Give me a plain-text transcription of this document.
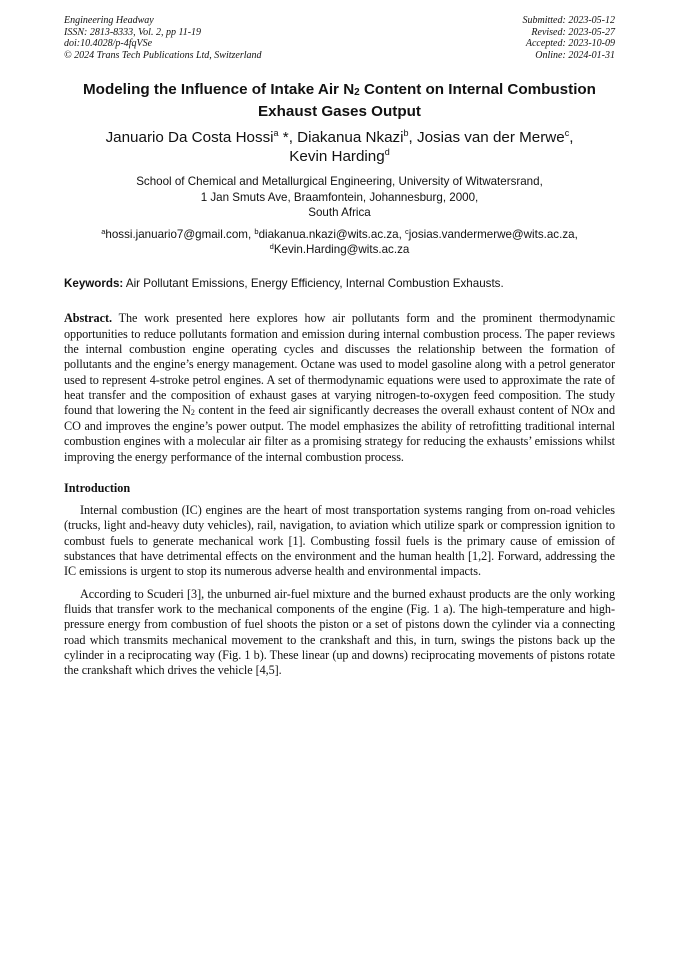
Engineering Headway
ISSN: 2813-8333, Vol. 2, pp 11-19
doi:10.4028/p-4fqVSe
© 2024 Trans Tech Publications Ltd, Switzerland
Submitted: 2023-05-12
Revised: 2023-05-27
Accepted: 2023-10-09
Online: 2024-01-31
Modeling the Influence of Intake Air $N_2$ Content on Internal Combustion Exhaust Gases Output
Januario Da Costa Hossi$^a$ *, Diakanua Nkazi$^b$, Josias van der Merwe$^c$,
Kevin Harding$^d$
School of Chemical and Metallurgical Engineering, University of Witwatersrand,
1 Jan Smuts Ave, Braamfontein, Johannesburg, 2000,
South Africa
$^a$hossi.januario7@gmail.com, $^b$diakanua.nkazi@wits.ac.za, $^c$josias.vandermerwe@wits.ac.za,
$^d$Kevin.Harding@wits.ac.za
Keywords: Air Pollutant Emissions, Energy Efficiency, Internal Combustion Exhausts.
Abstract. The work presented here explores how air pollutants form and the prominent thermodynamic opportunities to reduce pollutants formation and emission during internal combustion process. The paper reviews the internal combustion engine operating cycles and discusses the relationship between the formation of pollutants and the engine’s energy management. Octane was used to model gasoline along with a petrol generator used to represent 4-stroke petrol engines. A set of thermodynamic equations were used to approximate the rate of heat transfer and the composition of exhaust gases at varying nitrogen-to-oxygen feed composition. The study found that lowering the $N_2$ content in the feed air significantly decreases the overall exhaust content of NOx and CO and improves the engine’s power output. The model emphasizes the ability of retrofitting traditional internal combustion engines with a molecular air filter as a promising strategy for reducing the exhausts’ emissions whilst improving the energy performance of the internal combustion process.
Introduction
Internal combustion (IC) engines are the heart of most transportation systems ranging from on-road vehicles (trucks, light and-heavy duty vehicles), rail, navigation, to aviation which utilize spark or compression ignition to combust fuels to generate mechanical work [1]. Combusting fossil fuels is the primary cause of emission of substances that have detrimental effects on the environment and the human health [1,2]. Forward, addressing the IC emissions is urgent to stop its numerous adverse health and environmental impacts.
According to Scuderi [3], the unburned air-fuel mixture and the burned exhaust products are the only working fluids that transfer work to the mechanical components of the engine (Fig. 1 a). The high-temperature and high-pressure energy from combustion of fuel shoots the piston or a set of pistons down the cylinder via a connecting road which transmits mechanical movement to the crankshaft and this, in turn, swings the pistons back up the cylinder in a reciprocating way (Fig. 1 b). These linear (up and downs) reciprocating movements of pistons rotate the crankshaft which drives the vehicle [4,5].
